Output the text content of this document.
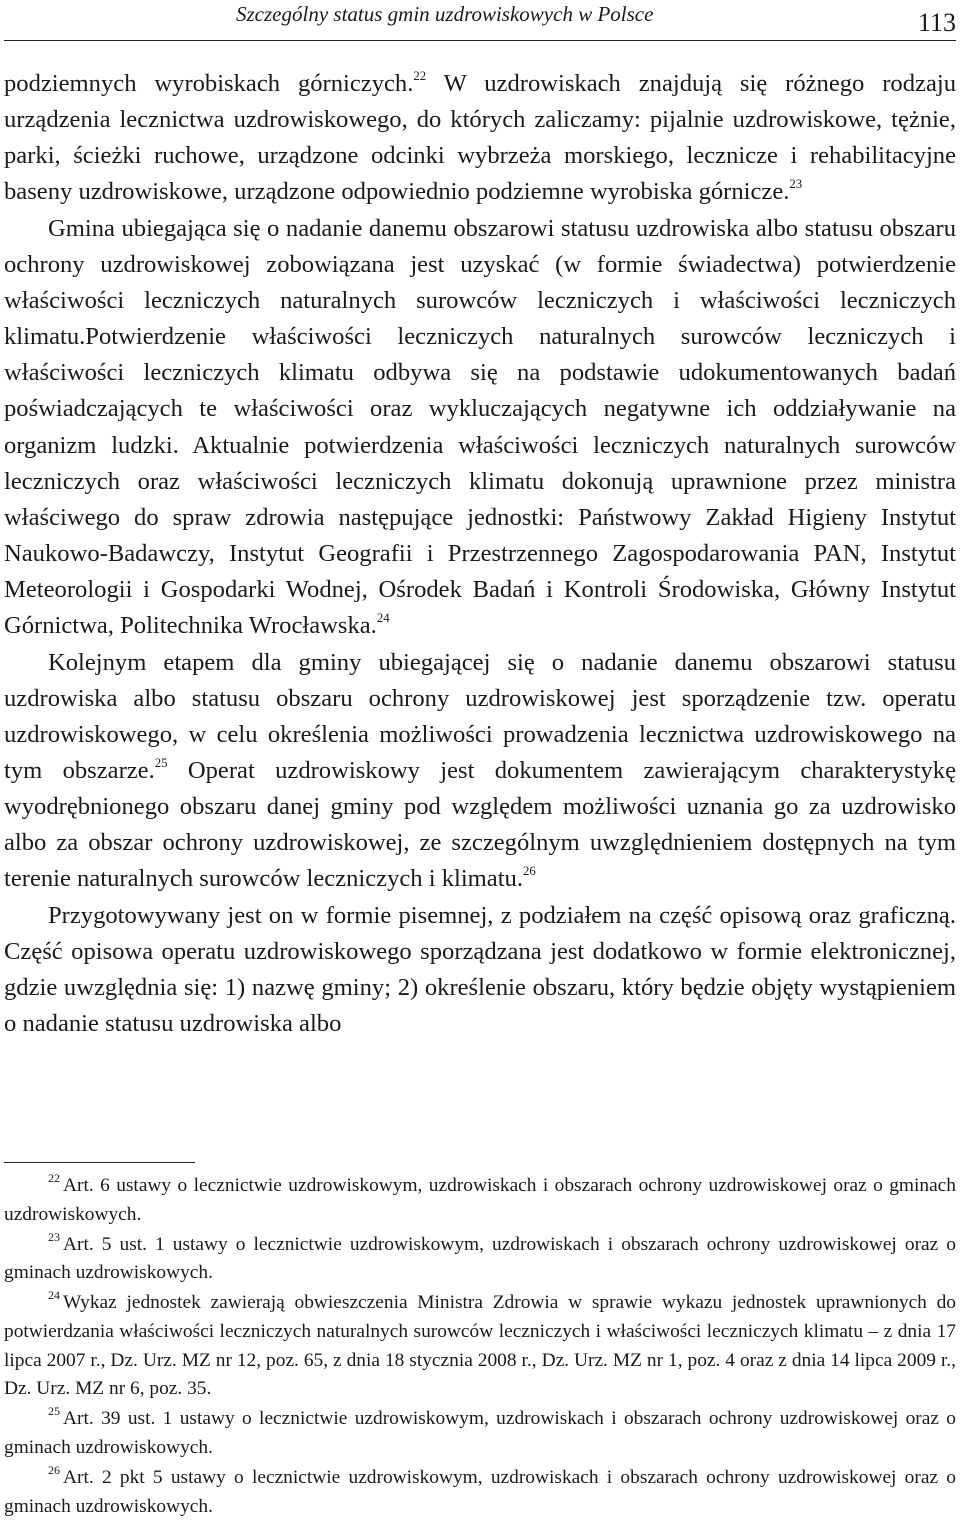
Szczególny status gmin uzdrowiskowych w Polsce	113

podziemnych wyrobiskach górniczych.$^{22}$ W uzdrowiskach znajdują się różnego rodzaju urządzenia lecznictwa uzdrowiskowego, do których zaliczamy: pijalnie uzdrowiskowe, tężnie, parki, ścieżki ruchowe, urządzone odcinki wybrzeża morskiego, lecznicze i rehabilitacyjne baseny uzdrowiskowe, urządzone odpowiednio podziemne wyrobiska górnicze.$^{23}$

Gmina ubiegająca się o nadanie danemu obszarowi statusu uzdrowiska albo statusu obszaru ochrony uzdrowiskowej zobowiązana jest uzyskać (w formie świadectwa) potwierdzenie właściwości leczniczych naturalnych surowców leczniczych i właściwości leczniczych klimatu.Potwierdzenie właściwości leczniczych naturalnych surowców leczniczych i właściwości leczniczych klimatu odbywa się na podstawie udokumentowanych badań poświadczających te właściwości oraz wykluczających negatywne ich oddziaływanie na organizm ludzki. Aktualnie potwierdzenia właściwości leczniczych naturalnych surowców leczniczych oraz właściwości leczniczych klimatu dokonują uprawnione przez ministra właściwego do spraw zdrowia następujące jednostki: Państwowy Zakład Higieny Instytut Naukowo-Badawczy, Instytut Geografii i Przestrzennego Zagospodarowania PAN, Instytut Meteorologii i Gospodarki Wodnej, Ośrodek Badań i Kontroli Środowiska, Główny Instytut Górnictwa, Politechnika Wrocławska.$^{24}$

Kolejnym etapem dla gminy ubiegającej się o nadanie danemu obszarowi statusu uzdrowiska albo statusu obszaru ochrony uzdrowiskowej jest sporządzenie tzw. operatu uzdrowiskowego, w celu określenia możliwości prowadzenia lecznictwa uzdrowiskowego na tym obszarze.$^{25}$ Operat uzdrowiskowy jest dokumentem zawierającym charakterystykę wyodrębnionego obszaru danej gminy pod względem możliwości uznania go za uzdrowisko albo za obszar ochrony uzdrowiskowej, ze szczególnym uwzględnieniem dostępnych na tym terenie naturalnych surowców leczniczych i klimatu.$^{26}$

Przygotowywany jest on w formie pisemnej, z podziałem na część opisową oraz graficzną. Część opisowa operatu uzdrowiskowego sporządzana jest dodatkowo w formie elektronicznej, gdzie uwzględnia się: 1) nazwę gminy; 2) określenie obszaru, który będzie objęty wystąpieniem o nadanie statusu uzdrowiska albo

$^{22}$ Art. 6 ustawy o lecznictwie uzdrowiskowym, uzdrowiskach i obszarach ochrony uzdrowiskowej oraz o gminach uzdrowiskowych.

$^{23}$ Art. 5 ust. 1 ustawy o lecznictwie uzdrowiskowym, uzdrowiskach i obszarach ochrony uzdrowiskowej oraz o gminach uzdrowiskowych.

$^{24}$ Wykaz jednostek zawierają obwieszczenia Ministra Zdrowia w sprawie wykazu jednostek uprawnionych do potwierdzania właściwości leczniczych naturalnych surowców leczniczych i właściwości leczniczych klimatu – z dnia 17 lipca 2007 r., Dz. Urz. MZ nr 12, poz. 65, z dnia 18 stycznia 2008 r., Dz. Urz. MZ nr 1, poz. 4 oraz z dnia 14 lipca 2009 r., Dz. Urz. MZ nr 6, poz. 35.

$^{25}$ Art. 39 ust. 1 ustawy o lecznictwie uzdrowiskowym, uzdrowiskach i obszarach ochrony uzdrowiskowej oraz o gminach uzdrowiskowych.

$^{26}$ Art. 2 pkt 5 ustawy o lecznictwie uzdrowiskowym, uzdrowiskach i obszarach ochrony uzdrowiskowej oraz o gminach uzdrowiskowych.
